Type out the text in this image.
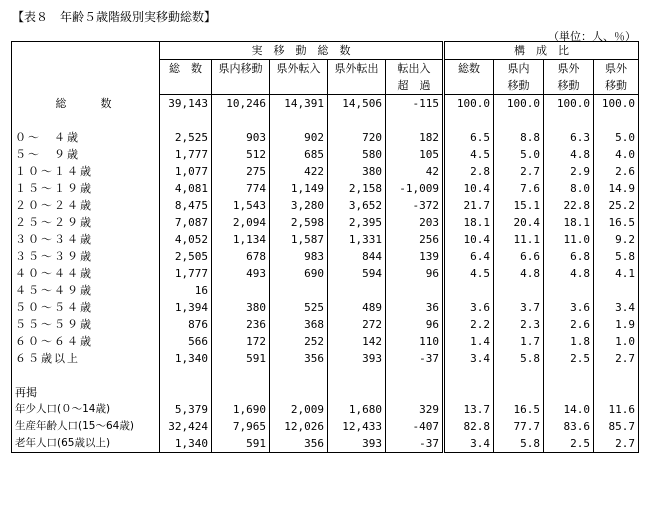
【表８　年齢５歳階級別実移動総数】
（単位：人、％）
	実　移　動　総　数					構　成　比			
	総　数	県内移動	県外転入	県外転出	転出入	総数	県内	県外	県外
					超　過		移動	移動	移動
総　　数	39,143	10,246	14,391	14,506	-115	100.0	100.0	100.0	100.0

０～　４歳	2,525	903	902	720	182	6.5	8.8	6.3	5.0
５～　９歳	1,777	512	685	580	105	4.5	5.0	4.8	4.0
１０～１４歳	1,077	275	422	380	42	2.8	2.7	2.9	2.6
１５～１９歳	4,081	774	1,149	2,158	-1,009	10.4	7.6	8.0	14.9
２０～２４歳	8,475	1,543	3,280	3,652	-372	21.7	15.1	22.8	25.2
２５～２９歳	7,087	2,094	2,598	2,395	203	18.1	20.4	18.1	16.5
３０～３４歳	4,052	1,134	1,587	1,331	256	10.4	11.1	11.0	9.2
３５～３９歳	2,505	678	983	844	139	6.4	6.6	6.8	5.8
４０～４４歳	1,777	493	690	594	96	4.5	4.8	4.8	4.1
４５～４９歳	16								
５０～５４歳	1,394	380	525	489	36	3.6	3.7	3.6	3.4
５５～５９歳	876	236	368	272	96	2.2	2.3	2.6	1.9
６０～６４歳	566	172	252	142	110	1.4	1.7	1.8	1.0
６５歳以上	1,340	591	356	393	-37	3.4	5.8	2.5	2.7

再掲									
年少人口(０～14歳)	5,379	1,690	2,009	1,680	329	13.7	16.5	14.0	11.6
生産年齢人口(15～64歳)	32,424	7,965	12,026	12,433	-407	82.8	77.7	83.6	85.7
老年人口(65歳以上)	1,340	591	356	393	-37	3.4	5.8	2.5	2.7
